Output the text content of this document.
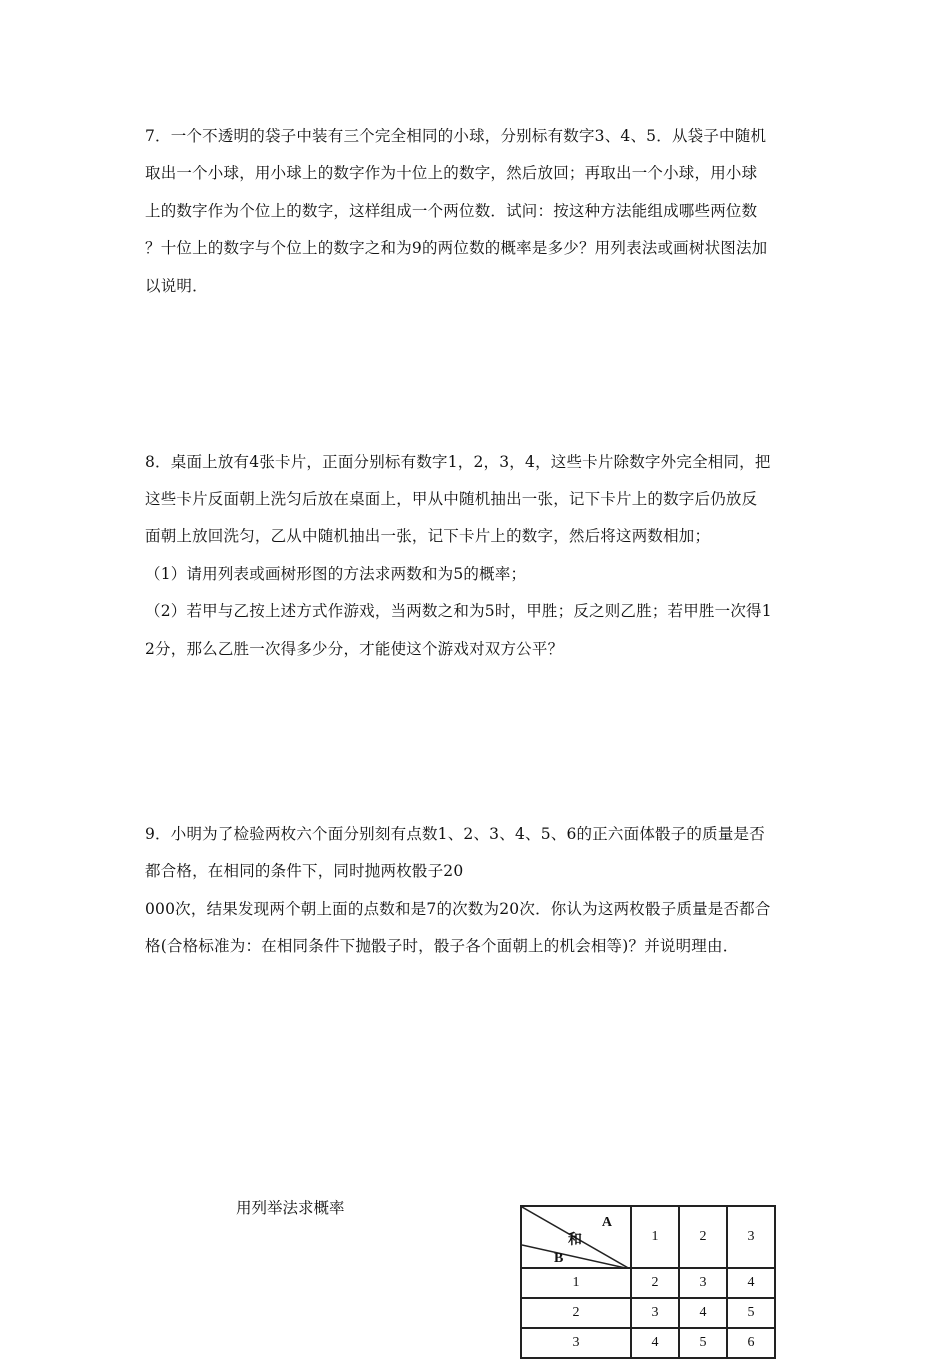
7．一个不透明的袋子中装有三个完全相同的小球，分别标有数字3、4、5．从袋子中随机
取出一个小球，用小球上的数字作为十位上的数字，然后放回；再取出一个小球，用小球
上的数字作为个位上的数字，这样组成一个两位数．试问：按这种方法能组成哪些两位数
？十位上的数字与个位上的数字之和为9的两位数的概率是多少？用列表法或画树状图法加
以说明．
8．桌面上放有4张卡片，正面分别标有数字1，2，3，4，这些卡片除数字外完全相同，把
这些卡片反面朝上洗匀后放在桌面上，甲从中随机抽出一张，记下卡片上的数字后仍放反
面朝上放回洗匀，乙从中随机抽出一张，记下卡片上的数字，然后将这两数相加；
（1）请用列表或画树形图的方法求两数和为5的概率；
（2）若甲与乙按上述方式作游戏，当两数之和为5时，甲胜；反之则乙胜；若甲胜一次得1
2分，那么乙胜一次得多少分，才能使这个游戏对双方公平？
9．小明为了检验两枚六个面分别刻有点数1、2、3、4、5、6的正六面体骰子的质量是否
都合格，在相同的条件下，同时抛两枚骰子20
000次，结果发现两个朝上面的点数和是7的次数为20次．你认为这两枚骰子质量是否都合
格(合格标准为：在相同条件下抛骰子时，骰子各个面朝上的机会相等)？并说明理由．
用列举法求概率
A
和
B	1	2	3
1	2	3	4
2	3	4	5
3	4	5	6
